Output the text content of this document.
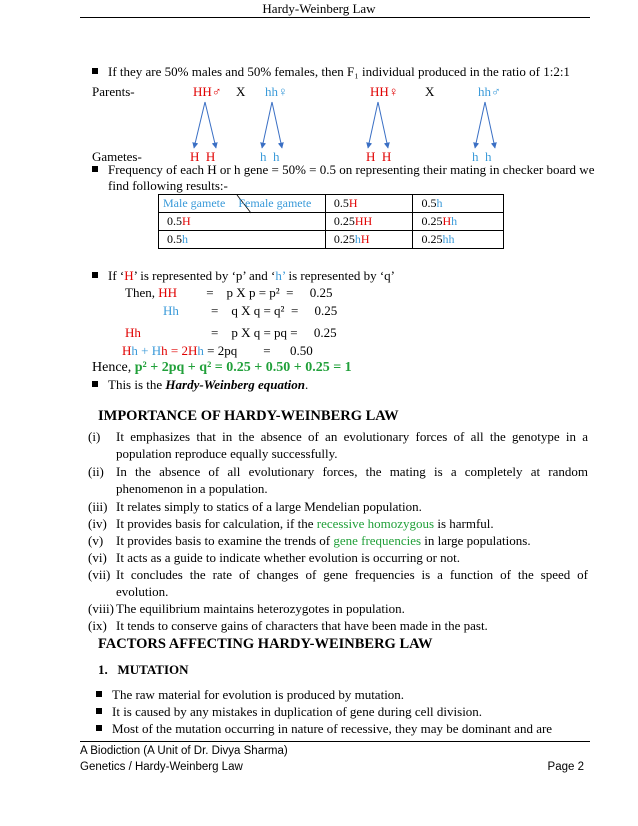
Hardy-Weinberg Law
If they are 50% males and 50% females, then F₁ individual produced in the ratio of 1:2:1
Parents-	HH♂ X hh♀	HH♀ X	hh♂
Gametes-	H  H	h  h	H  H	h  h
Frequency of each H or h gene = 50% = 0.5 on representing their mating in checker board we
find following results:-
Male gamete Female gamete	0.5H	0.5h
0.5H	0.25HH	0.25Hh
0.5h	0.25hH	0.25hh
If ‘H’ is represented by ‘p’ and ‘h’ is represented by ‘q’
Then, HH =    p X p = p²  =     0.25
Hh =    q X q = q²  =     0.25
Hh	=    p X q = pq =     0.25
Hh + Hh = 2Hh = 2pq        =      0.50
Hence, p² + 2pq + q² = 0.25 + 0.50 + 0.25 = 1
This is the Hardy-Weinberg equation.
IMPORTANCE OF HARDY-WEINBERG LAW
(i)	It emphasizes that in the absence of an evolutionary forces of all the genotype in a population reproduce equally successfully.
(ii) In the absence of all evolutionary forces, the mating is a completely at random phenomenon in a population.
(iii) It relates simply to statics of a large Mendelian population.
(iv) It provides basis for calculation, if the recessive homozygous is harmful.
(v) It provides basis to examine the trends of gene frequencies in large populations.
(vi) It acts as a guide to indicate whether evolution is occurring or not.
(vii) It concludes the rate of changes of gene frequencies is a function of the speed of evolution.
(viii) The equilibrium maintains heterozygotes in population.
(ix) It tends to conserve gains of characters that have been made in the past.
FACTORS AFFECTING HARDY-WEINBERG LAW
1.   MUTATION
The raw material for evolution is produced by mutation.
It is caused by any mistakes in duplication of gene during cell division.
Most of the mutation occurring in nature of recessive, they may be dominant and are
A Biodiction (A Unit of Dr. Divya Sharma)
Genetics / Hardy-Weinberg Law	Page 2
